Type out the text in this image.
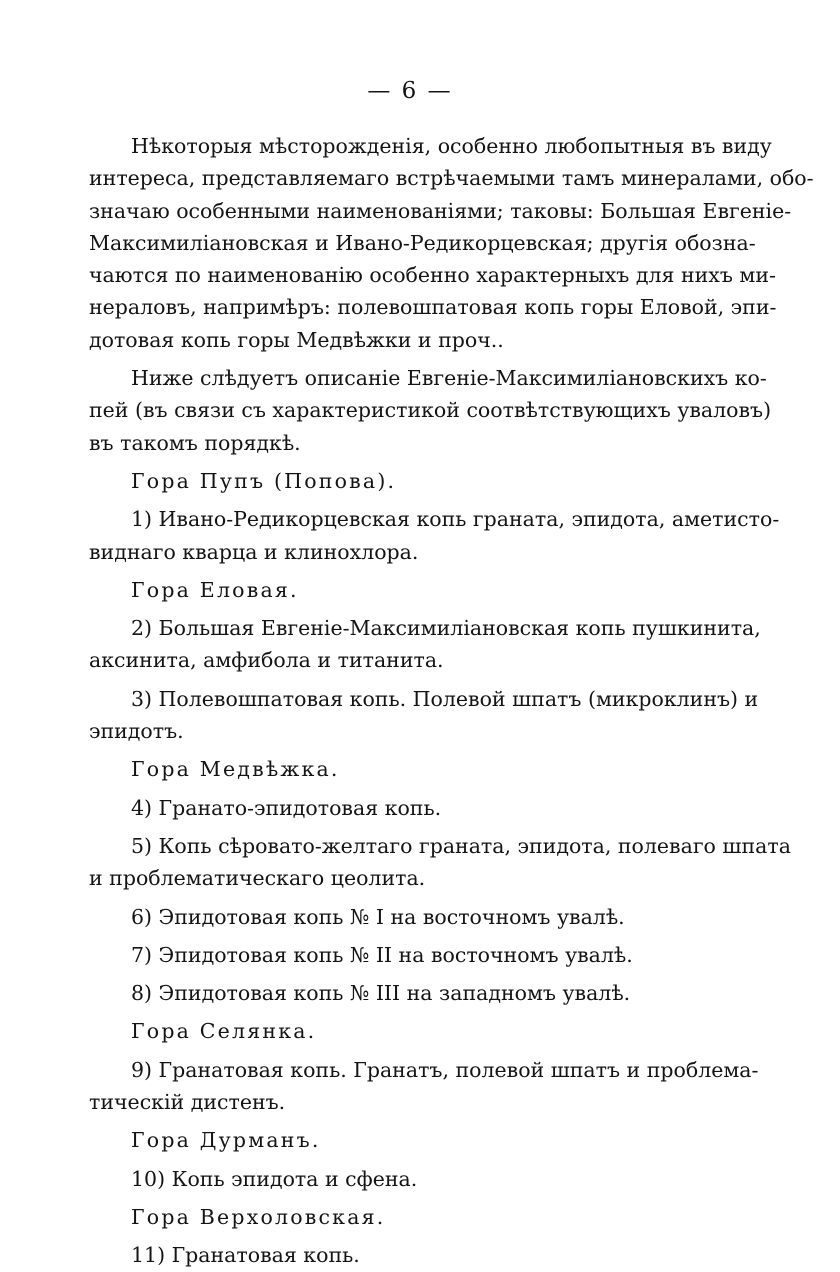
— 6 —
Нѣкоторыя мѣсторожденія, особенно любопытныя въ виду
интереса, представляемаго встрѣчаемыми тамъ минералами, обо-
значаю особенными наименованіями; таковы: Большая Евгеніе-
Максимиліановская и Ивано-Редикорцевская; другія обозна-
чаются по наименованію особенно характерныхъ для нихъ ми-
нераловъ, напримѣръ: полевошпатовая копь горы Еловой, эпи-
дотовая копь горы Медвѣжки и проч..
Ниже слѣдуетъ описаніе Евгеніе-Максимиліановскихъ ко-
пей (въ связи съ характеристикой соотвѣтствующихъ уваловъ)
въ такомъ порядкѣ.
Гора Пупъ (Попова).
1) Ивано-Редикорцевская копь граната, эпидота, аметисто-
виднаго кварца и клинохлора.
Гора Еловая.
2) Большая Евгеніе-Максимиліановская копь пушкинита,
аксинита, амфибола и титанита.
3) Полевошпатовая копь. Полевой шпатъ (микроклинъ) и
эпидотъ.
Гора Медвѣжка.
4) Гранато-эпидотовая копь.
5) Копь сѣровато-желтаго граната, эпидота, полеваго шпата
и проблематическаго цеолита.
6) Эпидотовая копь № I на восточномъ увалѣ.
7) Эпидотовая копь № II на восточномъ увалѣ.
8) Эпидотовая копь № III на западномъ увалѣ.
Гора Селянка.
9) Гранатовая копь. Гранатъ, полевой шпатъ и проблема-
тическій дистенъ.
Гора Дурманъ.
10) Копь эпидота и сфена.
Гора Верхоловская.
11) Гранатовая копь.
